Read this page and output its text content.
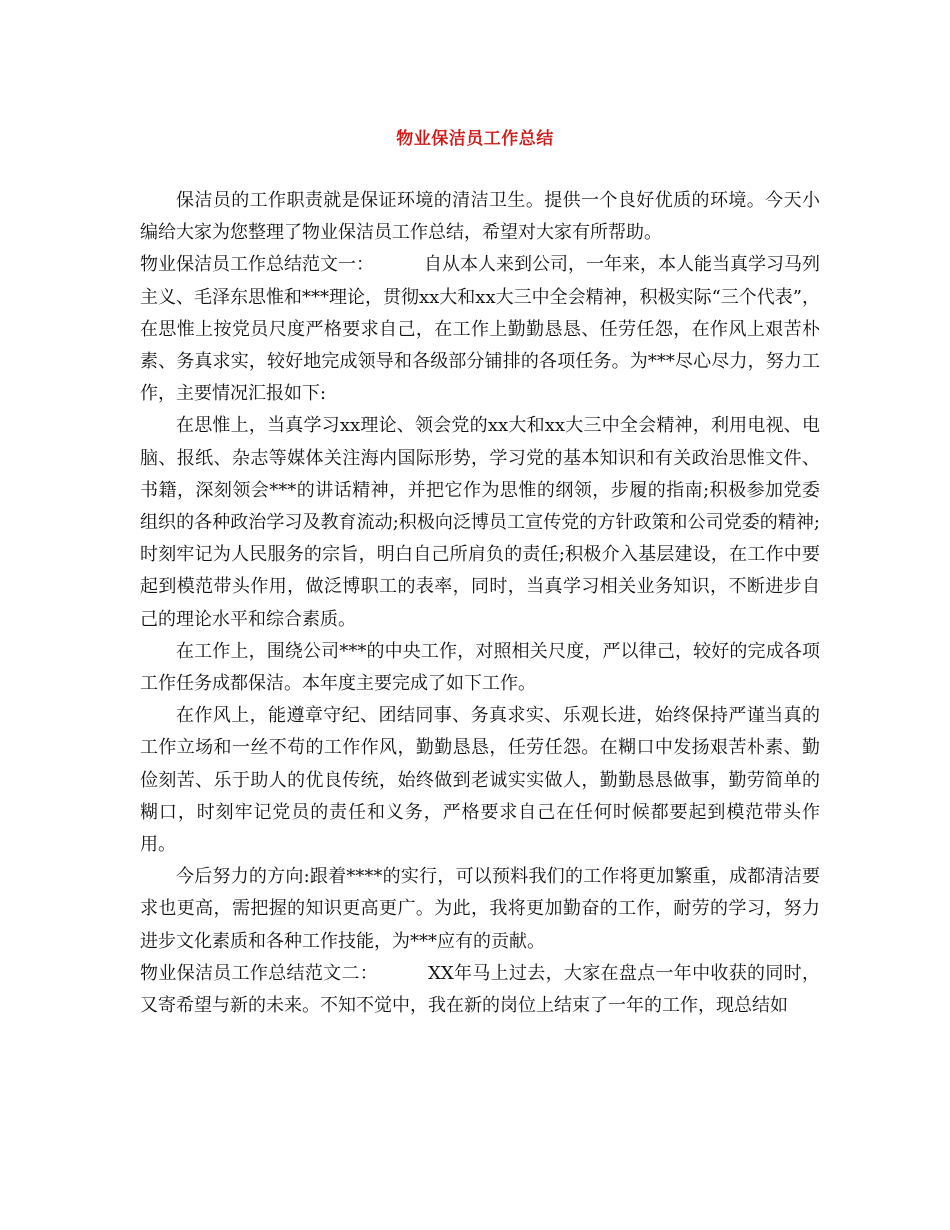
物业保洁员工作总结

保洁员的工作职责就是保证环境的清洁卫生。提供一个良好优质的环境。今天小编给大家为您整理了物业保洁员工作总结，希望对大家有所帮助。

物业保洁员工作总结范文一：	自从本人来到公司，一年来，本人能当真学习马列主义、毛泽东思惟和***理论，贯彻xx大和xx大三中全会精神，积极实际“三个代表”，在思惟上按党员尺度严格要求自己，在工作上勤勤恳恳、任劳任怨，在作风上艰苦朴素、务真求实，较好地完成领导和各级部分铺排的各项任务。为***尽心尽力，努力工作，主要情况汇报如下:

在思惟上，当真学习xx理论、领会党的xx大和xx大三中全会精神，利用电视、电脑、报纸、杂志等媒体关注海内国际形势，学习党的基本知识和有关政治思惟文件、书籍，深刻领会***的讲话精神，并把它作为思惟的纲领，步履的指南;积极参加党委组织的各种政治学习及教育流动;积极向泛博员工宣传党的方针政策和公司党委的精神;时刻牢记为人民服务的宗旨，明白自己所肩负的责任;积极介入基层建设，在工作中要起到模范带头作用，做泛博职工的表率，同时，当真学习相关业务知识，不断进步自己的理论水平和综合素质。

在工作上，围绕公司***的中央工作，对照相关尺度，严以律己，较好的完成各项工作任务成都保洁。本年度主要完成了如下工作。

在作风上，能遵章守纪、团结同事、务真求实、乐观长进，始终保持严谨当真的工作立场和一丝不苟的工作作风，勤勤恳恳，任劳任怨。在糊口中发扬艰苦朴素、勤俭刻苦、乐于助人的优良传统，始终做到老诚实实做人，勤勤恳恳做事，勤劳简单的糊口，时刻牢记党员的责任和义务，严格要求自己在任何时候都要起到模范带头作用。

今后努力的方向:跟着****的实行，可以预料我们的工作将更加繁重，成都清洁要求也更高，需把握的知识更高更广。为此，我将更加勤奋的工作，耐劳的学习，努力进步文化素质和各种工作技能，为***应有的贡献。

物业保洁员工作总结范文二：	XX年马上过去，大家在盘点一年中收获的同时，又寄希望与新的未来。不知不觉中，我在新的岗位上结束了一年的工作，现总结如
